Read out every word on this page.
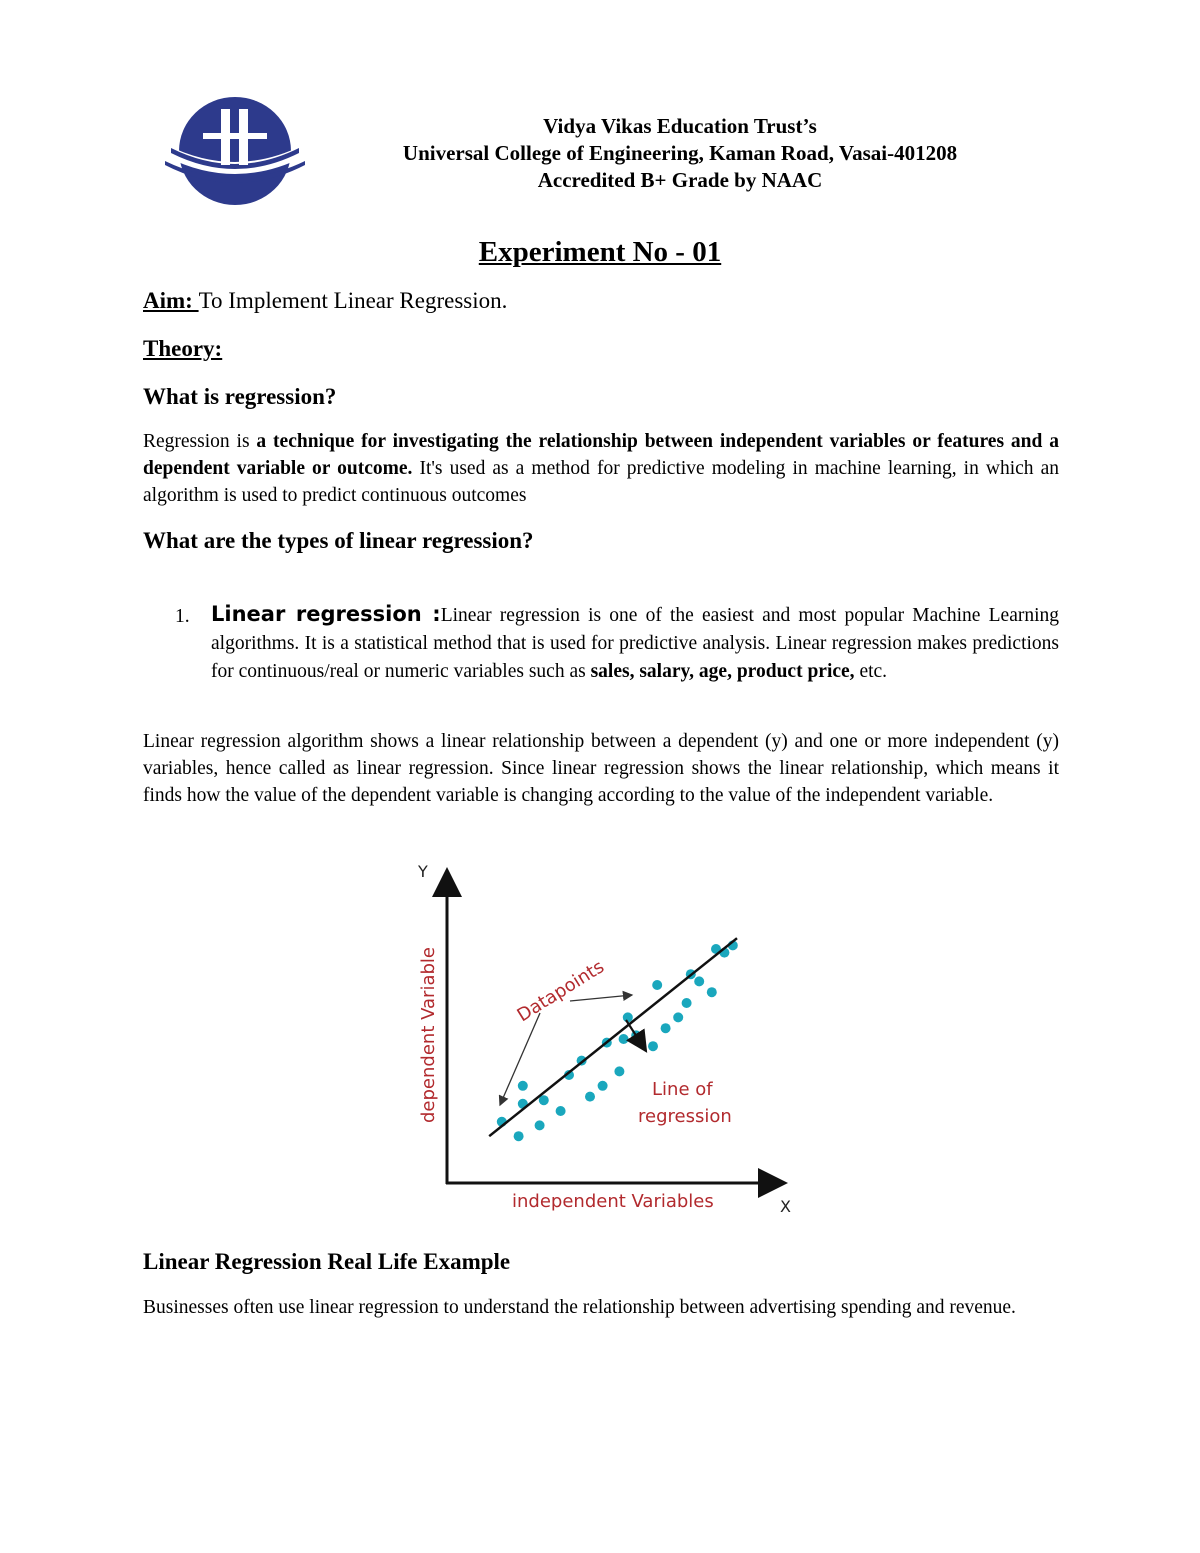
Vidya Vikas Education Trust’s
Universal College of Engineering, Kaman Road, Vasai-401208
Accredited B+ Grade by NAAC
Experiment No - 01
Aim: To Implement Linear Regression.
Theory:
What is regression?
Regression is a technique for investigating the relationship between independent variables or features and a dependent variable or outcome. It's used as a method for predictive modeling in machine learning, in which an algorithm is used to predict continuous outcomes
What are the types of linear regression?
1. Linear regression :Linear regression is one of the easiest and most popular Machine Learning algorithms. It is a statistical method that is used for predictive analysis. Linear regression makes predictions for continuous/real or numeric variables such as sales, salary, age, product price, etc.
Linear regression algorithm shows a linear relationship between a dependent (y) and one or more independent (y) variables, hence called as linear regression. Since linear regression shows the linear relationship, which means it finds how the value of the dependent variable is changing according to the value of the independent variable.
Y
X
dependent Variable
independent Variables
Datapoints
Line of
regression
Linear Regression Real Life Example
Businesses often use linear regression to understand the relationship between advertising spending and revenue.
